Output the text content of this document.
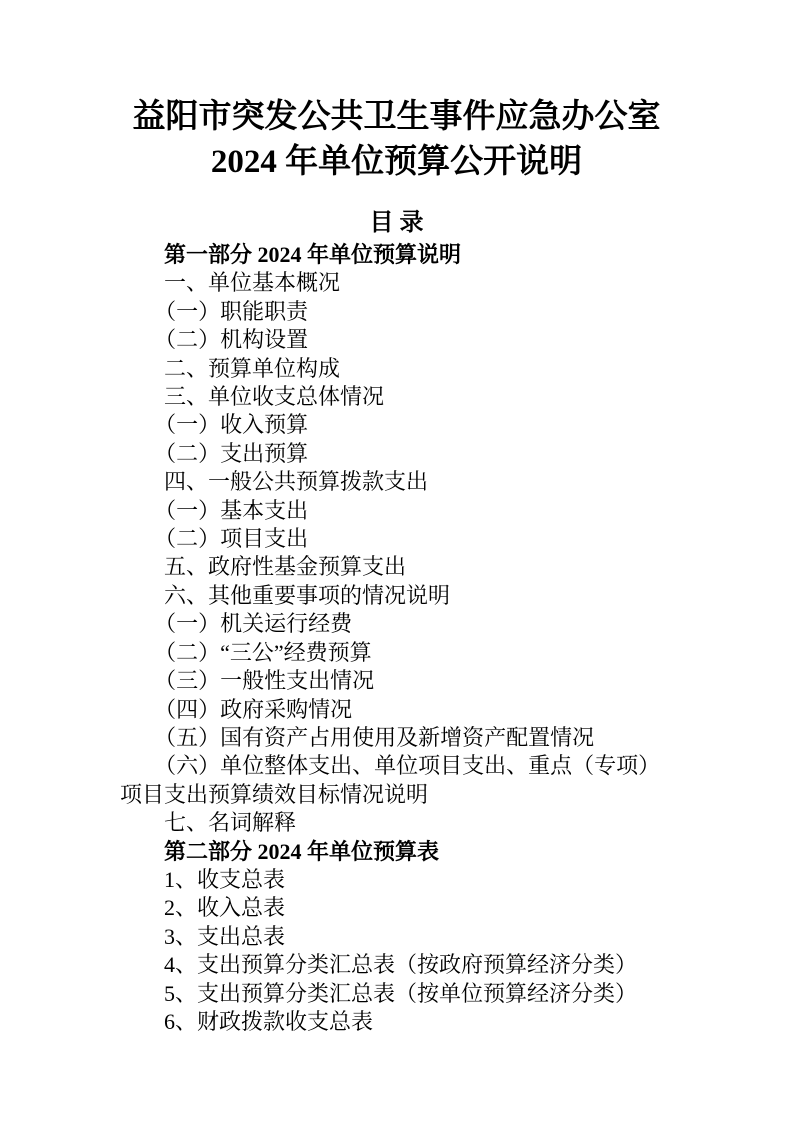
益阳市突发公共卫生事件应急办公室
2024 年单位预算公开说明
目 录

第一部分 2024 年单位预算说明

一、单位基本概况

（一）职能职责

（二）机构设置

二、预算单位构成

三、单位收支总体情况

（一）收入预算

（二）支出预算

四、一般公共预算拨款支出

（一）基本支出

（二）项目支出

五、政府性基金预算支出

六、其他重要事项的情况说明

（一）机关运行经费

（二）“三公”经费预算

（三）一般性支出情况

（四）政府采购情况

（五）国有资产占用使用及新增资产配置情况

（六）单位整体支出、单位项目支出、重点（专项）项目支出预算绩效目标情况说明

七、名词解释

第二部分 2024 年单位预算表

1、收支总表

2、收入总表

3、支出总表

4、支出预算分类汇总表（按政府预算经济分类）

5、支出预算分类汇总表（按单位预算经济分类）

6、财政拨款收支总表
